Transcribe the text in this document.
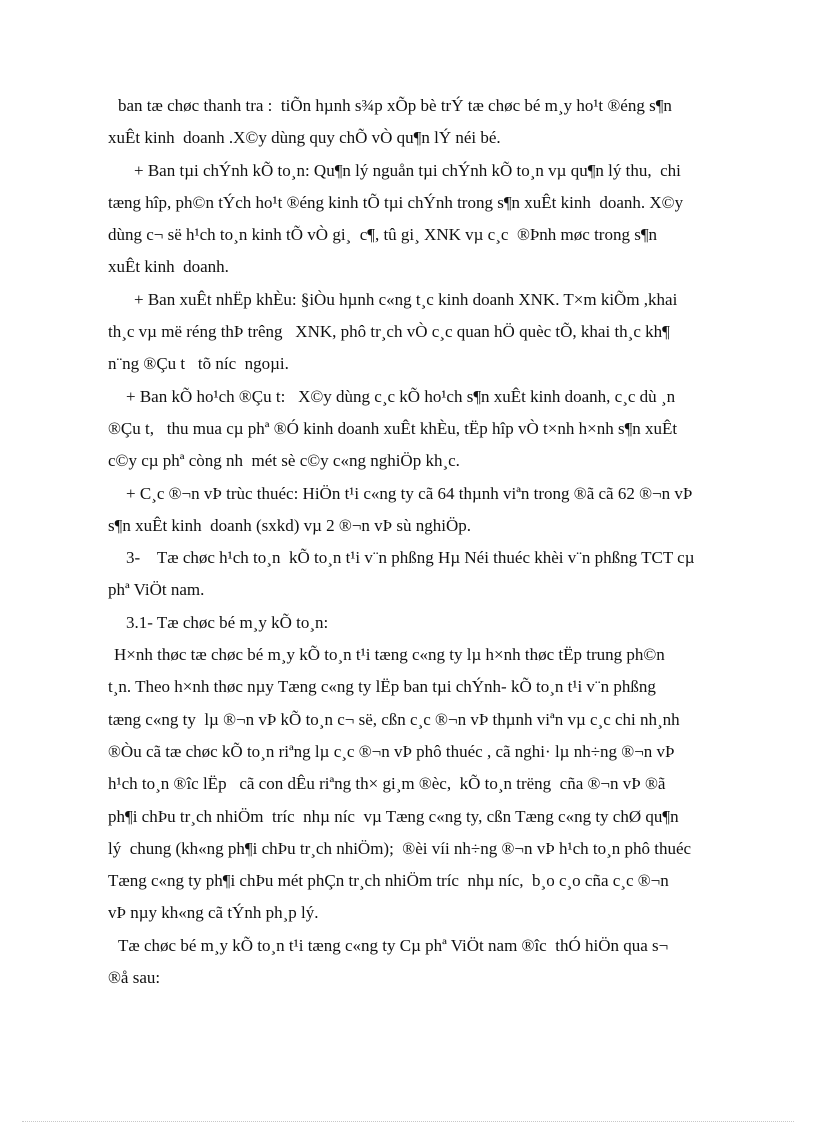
ban tæ chøc thanh tra :  tiÕn hµnh s¾p xÕp bè trÝ tæ chøc bé m¸y ho¹t ®éng s¶n
xuÊt kinh  doanh .X©y dùng quy chÕ vÒ qu¶n lÝ néi bé.
+ Ban tµi chÝnh kÕ to¸n: Qu¶n lý nguån tµi chÝnh kÕ to¸n vµ qu¶n lý thu,  chi
tæng hîp, ph©n tÝch ho¹t ®éng kinh tÕ tµi chÝnh trong s¶n xuÊt kinh  doanh. X©y
dùng c¬ së h¹ch to¸n kinh tÕ vÒ gi¸  c¶, tû gi¸ XNK vµ c¸c  ®Þnh møc trong s¶n
xuÊt kinh  doanh.
+ Ban xuÊt nhËp khÈu: §iÒu hµnh c«ng t¸c kinh doanh XNK. T×m kiÕm ,khai
th¸c vµ më réng thÞ trêng   XNK, phô tr¸ch vÒ c¸c quan hÖ quèc tÕ, khai th¸c kh¶
n¨ng ®Çu t   tõ níc  ngoµi.
+ Ban kÕ ho¹ch ®Çu t:   X©y dùng c¸c kÕ ho¹ch s¶n xuÊt kinh doanh, c¸c dù ¸n
®Çu t,   thu mua cµ phª ®Ó kinh doanh xuÊt khÈu, tËp hîp vÒ t×nh h×nh s¶n xuÊt
c©y cµ phª còng nh  mét sè c©y c«ng nghiÖp kh¸c.
+ C¸c ®¬n vÞ trùc thuéc: HiÖn t¹i c«ng ty cã 64 thµnh viªn trong ®ã cã 62 ®¬n vÞ
s¶n xuÊt kinh  doanh (sxkd) vµ 2 ®¬n vÞ sù nghiÖp.
3-    Tæ chøc h¹ch to¸n  kÕ to¸n t¹i v¨n phßng Hµ Néi thuéc khèi v¨n phßng TCT cµ
phª ViÖt nam.
3.1- Tæ chøc bé m¸y kÕ to¸n:
H×nh thøc tæ chøc bé m¸y kÕ to¸n t¹i tæng c«ng ty lµ h×nh thøc tËp trung ph©n
t¸n. Theo h×nh thøc nµy Tæng c«ng ty lËp ban tµi chÝnh- kÕ to¸n t¹i v¨n phßng
tæng c«ng ty  lµ ®¬n vÞ kÕ to¸n c¬ së, cßn c¸c ®¬n vÞ thµnh viªn vµ c¸c chi nh¸nh
®Òu cã tæ chøc kÕ to¸n riªng lµ c¸c ®¬n vÞ phô thuéc , cã nghi· lµ nh÷ng ®¬n vÞ
h¹ch to¸n ®îc lËp   cã con dÊu riªng th× gi¸m ®èc,  kÕ to¸n trëng  cña ®¬n vÞ ®ã
ph¶i chÞu tr¸ch nhiÖm  tríc  nhµ níc  vµ Tæng c«ng ty, cßn Tæng c«ng ty chØ qu¶n
lý  chung (kh«ng ph¶i chÞu tr¸ch nhiÖm);  ®èi víi nh÷ng ®¬n vÞ h¹ch to¸n phô thuéc
Tæng c«ng ty ph¶i chÞu mét phÇn tr¸ch nhiÖm tríc  nhµ níc,  b¸o c¸o cña c¸c ®¬n
vÞ nµy kh«ng cã tÝnh ph¸p lý.
Tæ chøc bé m¸y kÕ to¸n t¹i tæng c«ng ty Cµ phª ViÖt nam ®îc  thÓ hiÖn qua s¬
®å sau:
